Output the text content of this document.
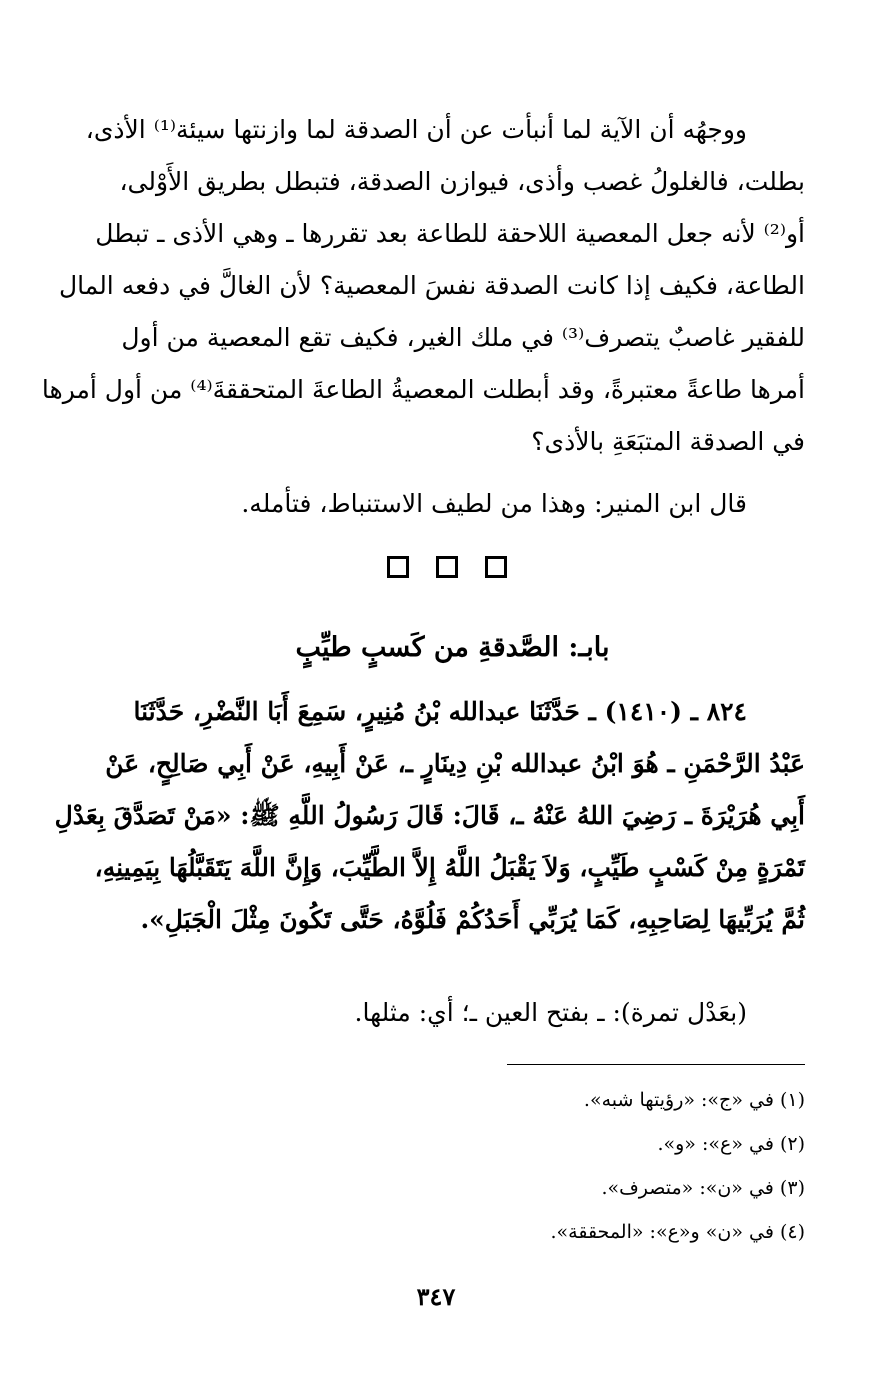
ووجهُه أن الآية لما أنبأت عن أن الصدقة لما وازنتها سيئة⁽¹⁾ الأذى،
بطلت، فالغلولُ غصب وأذى، فيوازن الصدقة، فتبطل بطريق الأَوْلى،
أو⁽²⁾ لأنه جعل المعصية اللاحقة للطاعة بعد تقررها ـ وهي الأذى ـ تبطل
الطاعة، فكيف إذا كانت الصدقة نفسَ المعصية؟ لأن الغالَّ في دفعه المال
للفقير غاصبٌ يتصرف⁽³⁾ في ملك الغير، فكيف تقع المعصية من أول
أمرها طاعةً معتبرةً، وقد أبطلت المعصيةُ الطاعةَ المتحققةَ⁽⁴⁾ من أول أمرها
في الصدقة المتبَعَةِ بالأذى؟
قال ابن المنير: وهذا من لطيف الاستنباط، فتأمله.
بابـ: الصَّدقةِ من كَسبٍ طيِّبٍ
٨٢٤ ـ (١٤١٠) ـ حَدَّثَنَا عبدالله بْنُ مُنِيرٍ، سَمِعَ أَبَا النَّضْرِ، حَدَّثَنَا
عَبْدُ الرَّحْمَنِ ـ هُوَ ابْنُ عبدالله بْنِ دِينَارٍ ـ، عَنْ أَبِيهِ، عَنْ أَبِي صَالِحٍ، عَنْ
أَبِي هُرَيْرَةَ ـ رَضِيَ اللهُ عَنْهُ ـ، قَالَ: قَالَ رَسُولُ اللَّهِ ﷺ: «مَنْ تَصَدَّقَ بِعَدْلِ
تَمْرَةٍ مِنْ كَسْبٍ طَيِّبٍ، وَلاَ يَقْبَلُ اللَّهُ إِلاَّ الطَّيِّبَ، وَإِنَّ اللَّهَ يَتَقَبَّلُهَا بِيَمِينِهِ،
ثُمَّ يُرَبِّيهَا لِصَاحِبِهِ، كَمَا يُرَبِّي أَحَدُكُمْ فَلُوَّهُ، حَتَّى تَكُونَ مِثْلَ الْجَبَلِ».
(بعَدْل تمرة): ـ بفتح العين ـ؛ أي: مثلها.
(١) في «ج»: «رؤيتها شبه».
(٢) في «ع»: «و».
(٣) في «ن»: «متصرف».
(٤) في «ن» و«ع»: «المحققة».
٣٤٧
